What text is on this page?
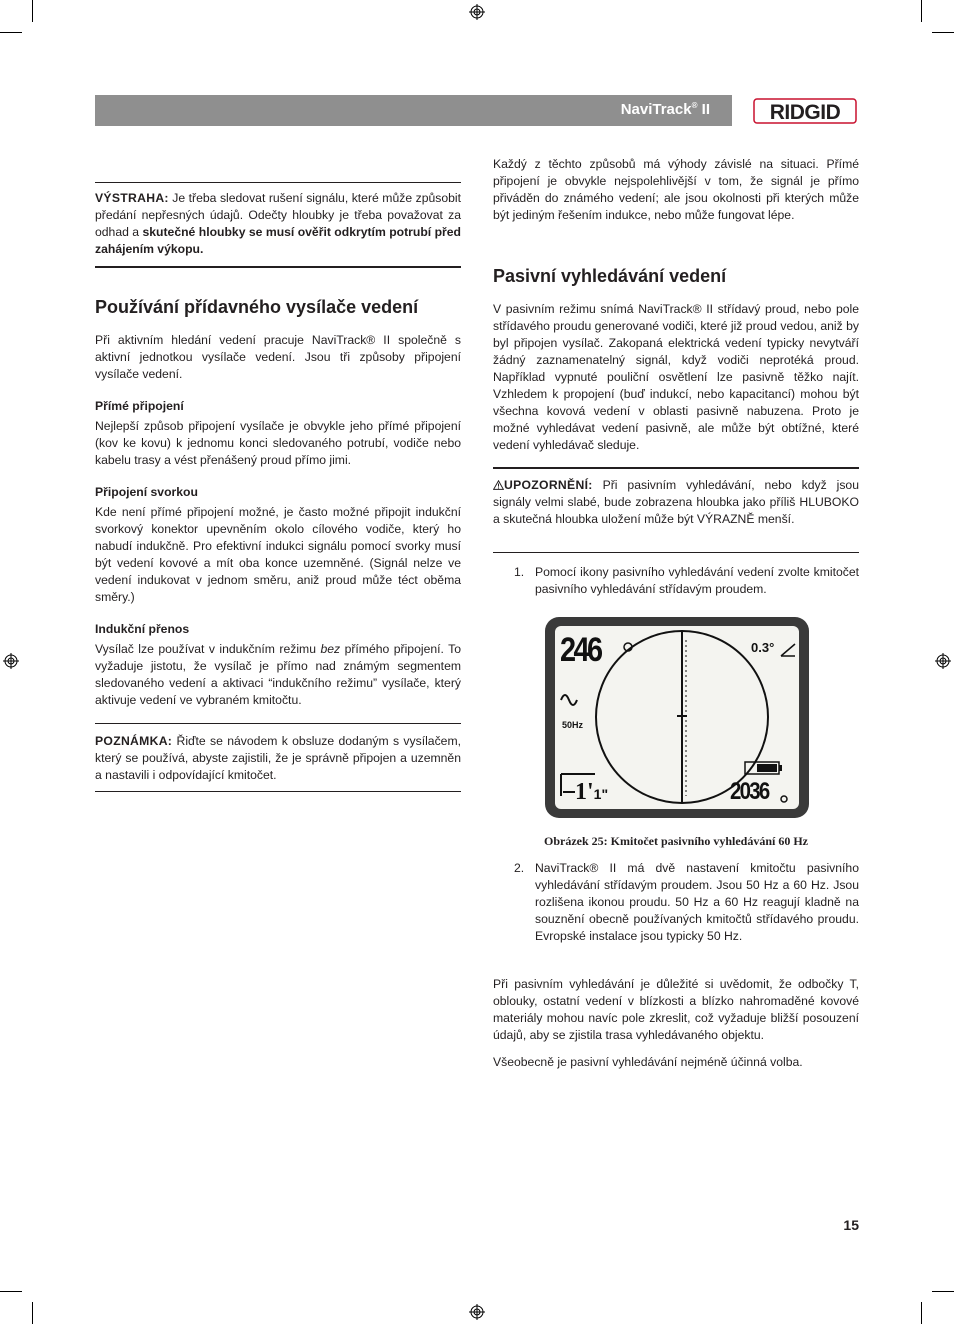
NaviTrack® II	RIDGID
VÝSTRAHA: Je třeba sledovat rušení signálu, které může způsobit předání nepřesných údajů. Odečty hloubky je třeba považovat za odhad a skutečné hloubky se musí ověřit odkrytím potrubí před zahájením výkopu.
Používání přídavného vysílače vedení

Při aktivním hledání vedení pracuje NaviTrack® II společně s aktivní jednotkou vysílače vedení. Jsou tři způsoby připojení vysílače vedení.

Přímé připojení

Nejlepší způsob připojení vysílače je obvykle jeho přímé připojení (kov ke kovu) k jednomu konci sledovaného potrubí, vodiče nebo kabelu trasy a vést přenášený proud přímo jimi.

Připojení svorkou

Kde není přímé připojení možné, je často možné připojit indukční svorkový konektor upevněním okolo cílového vodiče, který ho nabudí indukčně. Pro efektivní indukci signálu pomocí svorky musí být vedení kovové a mít oba konce uzemněné. (Signál nelze ve vedení indukovat v jednom směru, aniž proud může téct oběma směry.)

Indukční přenos

Vysílač lze používat v indukčním režimu bez přímého připojení. To vyžaduje jistotu, že vysílač je přímo nad známým segmentem sledovaného vedení a aktivaci “indukčního režimu” vysílače, který aktivuje vedení ve vybraném kmitočtu.

POZNÁMKA: Řiďte se návodem k obsluze dodaným s vysílačem, který se používá, abyste zajistili, že je správně připojen a uzemněn a nastavili i odpovídající kmitočet.

Každý z těchto způsobů má výhody závislé na situaci. Přímé připojení je obvykle nejspolehlivější v tom, že signál je přímo přiváděn do známého vedení; ale jsou okolnosti při kterých může být jediným řešením indukce, nebo může fungovat lépe.

Pasivní vyhledávání vedení

V pasivním režimu snímá NaviTrack® II střídavý proud, nebo pole střídavého proudu generované vodiči, které již proud vedou, aniž by byl připojen vysílač. Zakopaná elektrická vedení typicky nevytváří žádný zaznamenatelný signál, když vodiči neprotéká proud. Například vypnuté pouliční osvětlení lze pasivně těžko najít. Vzhledem k propojení (buď indukcí, nebo kapacitancí) mohou být všechna kovová vedení v oblasti pasivně nabuzena. Proto je možné vyhledávat vedení pasivně, ale může být obtížné, které vedení vyhledávač sleduje.

UPOZORNĚNÍ: Při pasivním vyhledávání, nebo když jsou signály velmi slabé, bude zobrazena hloubka jako příliš HLUBOKO a skutečná hloubka uložení může být VÝRAZNĚ menší.
1. Pomocí ikony pasivního vyhledávání vedení zvolte kmitočet pasivního vyhledávání střídavým proudem.
246	0.3°
50Hz
1'1"	2036
Obrázek 25: Kmitočet pasivního vyhledávání 60 Hz
2. NaviTrack® II má dvě nastavení kmitočtu pasivního vyhledávání střídavým proudem. Jsou 50 Hz a 60 Hz. Jsou rozlišena ikonou proudu. 50 Hz a 60 Hz reagují kladně na souznění obecně používaných kmitočtů střídavého proudu. Evropské instalace jsou typicky 50 Hz.

Při pasivním vyhledávání je důležité si uvědomit, že odbočky T, oblouky, ostatní vedení v blízkosti a blízko nahromaděné kovové materiály mohou navíc pole zkreslit, což vyžaduje bližší posouzení údajů, aby se zjistila trasa vyhledávaného objektu.

Všeobecně je pasivní vyhledávání nejméně účinná volba.

15
